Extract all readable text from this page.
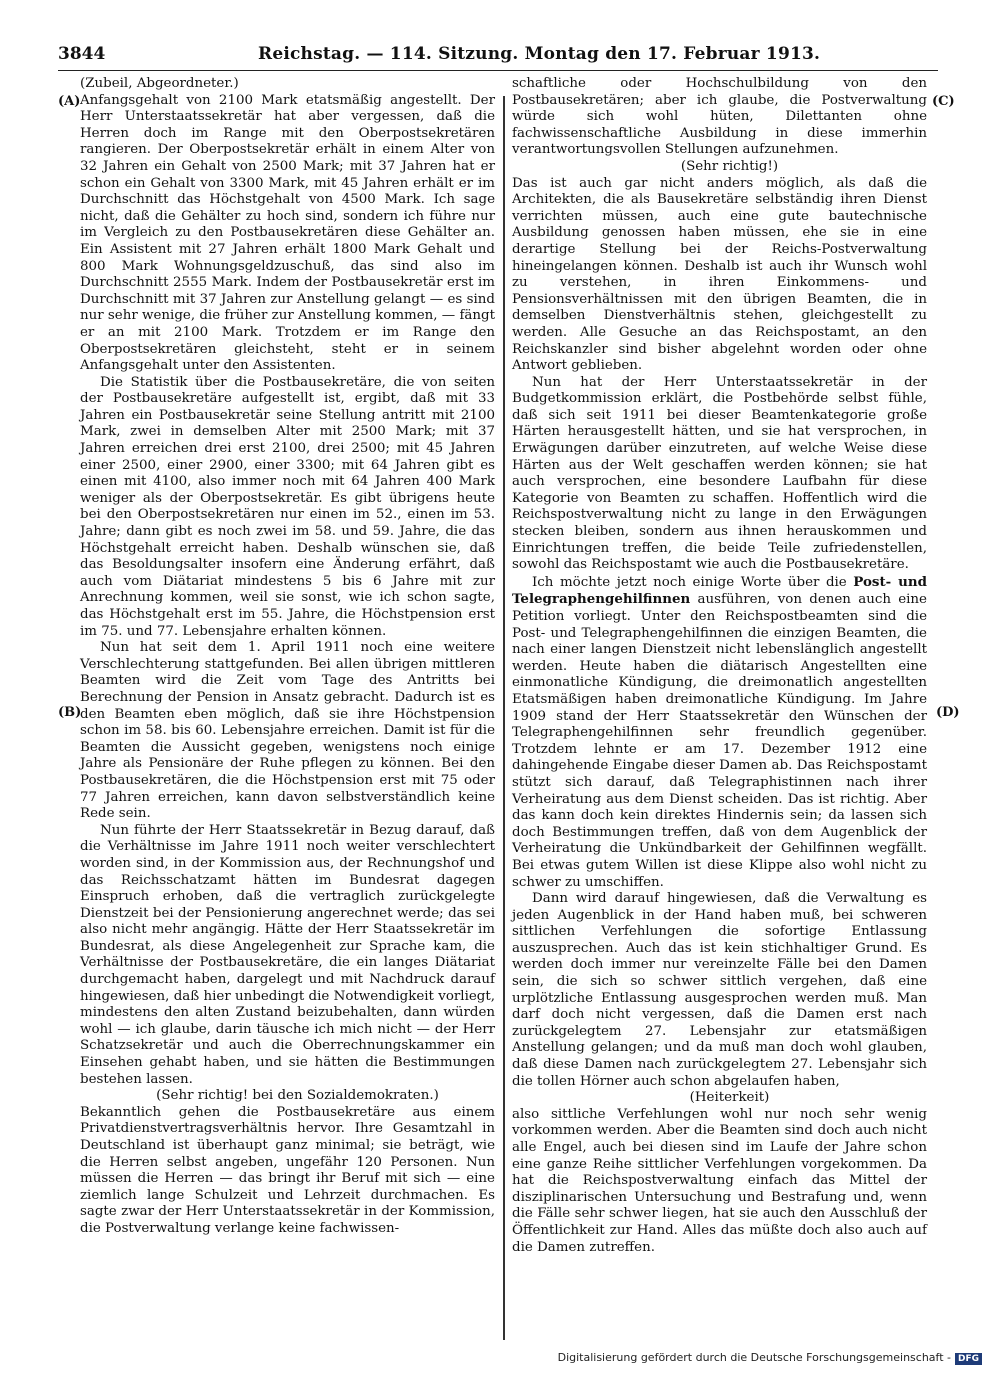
3844	Reichstag. — 114. Sitzung. Montag den 17. Februar 1913.
(A)
(B)
(C)
(D)

(Zubeil, Abgeordneter.)

Anfangsgehalt von 2100 Mark etatsmäßig angestellt. Der Herr Unterstaatssekretär hat aber vergessen, daß die Herren doch im Range mit den Oberpostsekretären rangieren. Der Oberpostsekretär erhält in einem Alter von 32 Jahren ein Gehalt von 2500 Mark; mit 37 Jahren hat er schon ein Gehalt von 3300 Mark, mit 45 Jahren erhält er im Durchschnitt das Höchstgehalt von 4500 Mark. Ich sage nicht, daß die Gehälter zu hoch sind, sondern ich führe nur im Vergleich zu den Postbausekretären diese Gehälter an. Ein Assistent mit 27 Jahren erhält 1800 Mark Gehalt und 800 Mark Wohnungsgeldzuschuß, das sind also im Durchschnitt 2555 Mark. Indem der Postbausekretär erst im Durchschnitt mit 37 Jahren zur Anstellung gelangt — es sind nur sehr wenige, die früher zur Anstellung kommen, — fängt er an mit 2100 Mark. Trotzdem er im Range den Oberpostsekretären gleichsteht, steht er in seinem Anfangsgehalt unter den Assistenten.

Die Statistik über die Postbausekretäre, die von seiten der Postbausekretäre aufgestellt ist, ergibt, daß mit 33 Jahren ein Postbausekretär seine Stellung antritt mit 2100 Mark, zwei in demselben Alter mit 2500 Mark; mit 37 Jahren erreichen drei erst 2100, drei 2500; mit 45 Jahren einer 2500, einer 2900, einer 3300; mit 64 Jahren gibt es einen mit 4100, also immer noch mit 64 Jahren 400 Mark weniger als der Oberpostsekretär. Es gibt übrigens heute bei den Oberpostsekretären nur einen im 52., einen im 53. Jahre; dann gibt es noch zwei im 58. und 59. Jahre, die das Höchstgehalt erreicht haben. Deshalb wünschen sie, daß das Besoldungsalter insofern eine Änderung erfährt, daß auch vom Diätariat mindestens 5 bis 6 Jahre mit zur Anrechnung kommen, weil sie sonst, wie ich schon sagte, das Höchstgehalt erst im 55. Jahre, die Höchstpension erst im 75. und 77. Lebensjahre erhalten können.

Nun hat seit dem 1. April 1911 noch eine weitere Verschlechterung stattgefunden. Bei allen übrigen mittleren Beamten wird die Zeit vom Tage des Antritts bei Berechnung der Pension in Ansatz gebracht. Dadurch ist es den Beamten eben möglich, daß sie ihre Höchstpension schon im 58. bis 60. Lebensjahre erreichen. Damit ist für die Beamten die Aussicht gegeben, wenigstens noch einige Jahre als Pensionäre der Ruhe pflegen zu können. Bei den Postbausekretären, die die Höchstpension erst mit 75 oder 77 Jahren erreichen, kann davon selbstverständlich keine Rede sein.

Nun führte der Herr Staatssekretär in Bezug darauf, daß die Verhältnisse im Jahre 1911 noch weiter verschlechtert worden sind, in der Kommission aus, der Rechnungshof und das Reichsschatzamt hätten im Bundesrat dagegen Einspruch erhoben, daß die vertraglich zurückgelegte Dienstzeit bei der Pensionierung angerechnet werde; das sei also nicht mehr angängig. Hätte der Herr Staatssekretär im Bundesrat, als diese Angelegenheit zur Sprache kam, die Verhältnisse der Postbausekretäre, die ein langes Diätariat durchgemacht haben, dargelegt und mit Nachdruck darauf hingewiesen, daß hier unbedingt die Notwendigkeit vorliegt, mindestens den alten Zustand beizubehalten, dann würden wohl — ich glaube, darin täusche ich mich nicht — der Herr Schatzsekretär und auch die Oberrechnungskammer ein Einsehen gehabt haben, und sie hätten die Bestimmungen bestehen lassen.

(Sehr richtig! bei den Sozialdemokraten.)

Bekanntlich gehen die Postbausekretäre aus einem Privatdienstvertragsverhältnis hervor. Ihre Gesamtzahl in Deutschland ist überhaupt ganz minimal; sie beträgt, wie die Herren selbst angeben, ungefähr 120 Personen. Nun müssen die Herren — das bringt ihr Beruf mit sich — eine ziemlich lange Schulzeit und Lehrzeit durchmachen. Es sagte zwar der Herr Unterstaatssekretär in der Kommission, die Postverwaltung verlange keine fachwissen-

schaftliche oder Hochschulbildung von den Postbausekretären; aber ich glaube, die Postverwaltung würde sich wohl hüten, Dilettanten ohne fachwissenschaftliche Ausbildung in diese immerhin verantwortungsvollen Stellungen aufzunehmen.

(Sehr richtig!)

Das ist auch gar nicht anders möglich, als daß die Architekten, die als Bausekretäre selbständig ihren Dienst verrichten müssen, auch eine gute bautechnische Ausbildung genossen haben müssen, ehe sie in eine derartige Stellung bei der Reichs-Postverwaltung hineingelangen können. Deshalb ist auch ihr Wunsch wohl zu verstehen, in ihren Einkommens- und Pensionsverhältnissen mit den übrigen Beamten, die in demselben Dienstverhältnis stehen, gleichgestellt zu werden. Alle Gesuche an das Reichspostamt, an den Reichskanzler sind bisher abgelehnt worden oder ohne Antwort geblieben.

Nun hat der Herr Unterstaatssekretär in der Budgetkommission erklärt, die Postbehörde selbst fühle, daß sich seit 1911 bei dieser Beamtenkategorie große Härten herausgestellt hätten, und sie hat versprochen, in Erwägungen darüber einzutreten, auf welche Weise diese Härten aus der Welt geschaffen werden können; sie hat auch versprochen, eine besondere Laufbahn für diese Kategorie von Beamten zu schaffen. Hoffentlich wird die Reichspostverwaltung nicht zu lange in den Erwägungen stecken bleiben, sondern aus ihnen herauskommen und Einrichtungen treffen, die beide Teile zufriedenstellen, sowohl das Reichspostamt wie auch die Postbausekretäre.

Ich möchte jetzt noch einige Worte über die Post- und Telegraphengehilfinnen ausführen, von denen auch eine Petition vorliegt. Unter den Reichspostbeamten sind die Post- und Telegraphengehilfinnen die einzigen Beamten, die nach einer langen Dienstzeit nicht lebenslänglich angestellt werden. Heute haben die diätarisch Angestellten eine einmonatliche Kündigung, die dreimonatlich angestellten Etatsmäßigen haben dreimonatliche Kündigung. Im Jahre 1909 stand der Herr Staatssekretär den Wünschen der Telegraphengehilfinnen sehr freundlich gegenüber. Trotzdem lehnte er am 17. Dezember 1912 eine dahingehende Eingabe dieser Damen ab. Das Reichspostamt stützt sich darauf, daß Telegraphistinnen nach ihrer Verheiratung aus dem Dienst scheiden. Das ist richtig. Aber das kann doch kein direktes Hindernis sein; da lassen sich doch Bestimmungen treffen, daß von dem Augenblick der Verheiratung die Unkündbarkeit der Gehilfinnen wegfällt. Bei etwas gutem Willen ist diese Klippe also wohl nicht zu schwer zu umschiffen.

Dann wird darauf hingewiesen, daß die Verwaltung es jeden Augenblick in der Hand haben muß, bei schweren sittlichen Verfehlungen die sofortige Entlassung auszusprechen. Auch das ist kein stichhaltiger Grund. Es werden doch immer nur vereinzelte Fälle bei den Damen sein, die sich so schwer sittlich vergehen, daß eine urplötzliche Entlassung ausgesprochen werden muß. Man darf doch nicht vergessen, daß die Damen erst nach zurückgelegtem 27. Lebensjahr zur etatsmäßigen Anstellung gelangen; und da muß man doch wohl glauben, daß diese Damen nach zurückgelegtem 27. Lebensjahr sich die tollen Hörner auch schon abgelaufen haben,

(Heiterkeit)

also sittliche Verfehlungen wohl nur noch sehr wenig vorkommen werden. Aber die Beamten sind doch auch nicht alle Engel, auch bei diesen sind im Laufe der Jahre schon eine ganze Reihe sittlicher Verfehlungen vorgekommen. Da hat die Reichspostverwaltung einfach das Mittel der disziplinarischen Untersuchung und Bestrafung und, wenn die Fälle sehr schwer liegen, hat sie auch den Ausschluß der Öffentlichkeit zur Hand. Alles das müßte doch also auch auf die Damen zutreffen.

Digitalisierung gefördert durch die Deutsche Forschungsgemeinschaft - DFG
